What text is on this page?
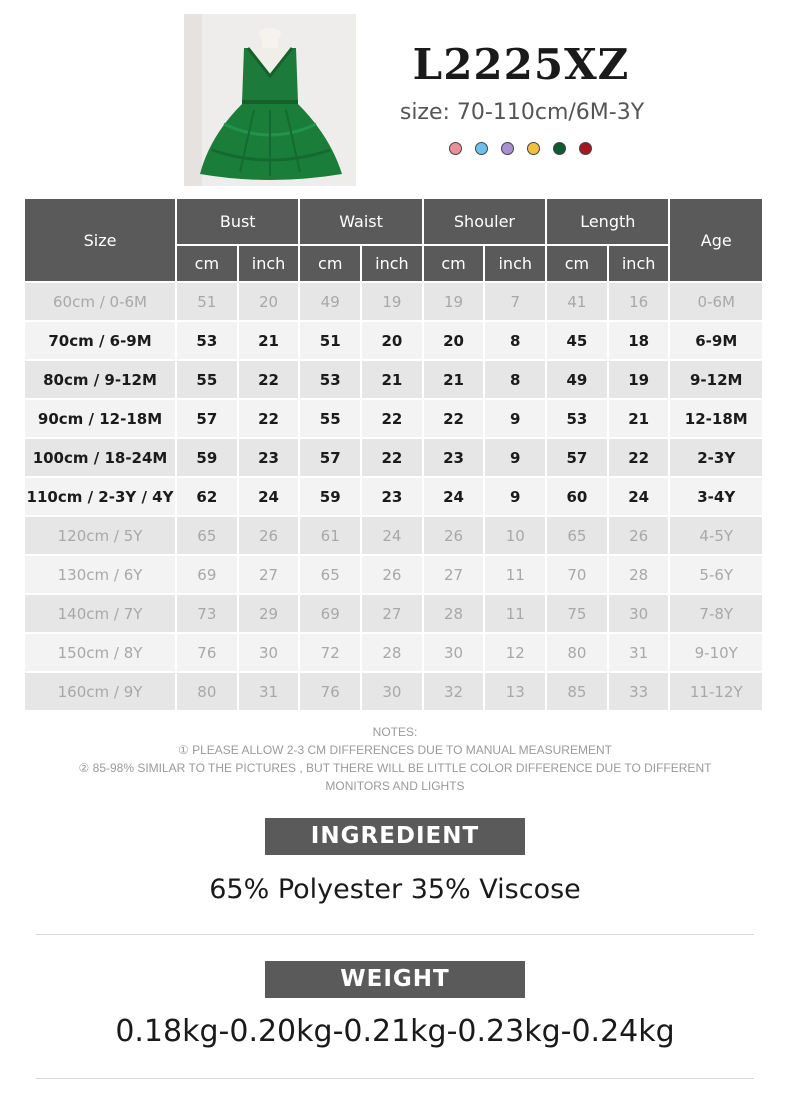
L2225XZ
size: 70-110cm/6M-3Y
Size	Bust		Waist		Shouler		Length		Age
	cm	inch	cm	inch	cm	inch	cm	inch	
60cm / 0-6M	51	20	49	19	19	7	41	16	0-6M
70cm / 6-9M	53	21	51	20	20	8	45	18	6-9M
80cm / 9-12M	55	22	53	21	21	8	49	19	9-12M
90cm / 12-18M	57	22	55	22	22	9	53	21	12-18M
100cm / 18-24M	59	23	57	22	23	9	57	22	2-3Y
110cm / 2-3Y / 4Y	62	24	59	23	24	9	60	24	3-4Y
120cm / 5Y	65	26	61	24	26	10	65	26	4-5Y
130cm / 6Y	69	27	65	26	27	11	70	28	5-6Y
140cm / 7Y	73	29	69	27	28	11	75	30	7-8Y
150cm / 8Y	76	30	72	28	30	12	80	31	9-10Y
160cm / 9Y	80	31	76	30	32	13	85	33	11-12Y
NOTES:
① PLEASE ALLOW 2-3 CM DIFFERENCES DUE TO MANUAL MEASUREMENT
② 85-98% SIMILAR TO THE PICTURES , BUT THERE WILL BE LITTLE COLOR DIFFERENCE DUE TO DIFFERENT
MONITORS AND LIGHTS
INGREDIENT
65% Polyester 35% Viscose
WEIGHT
0.18kg-0.20kg-0.21kg-0.23kg-0.24kg
